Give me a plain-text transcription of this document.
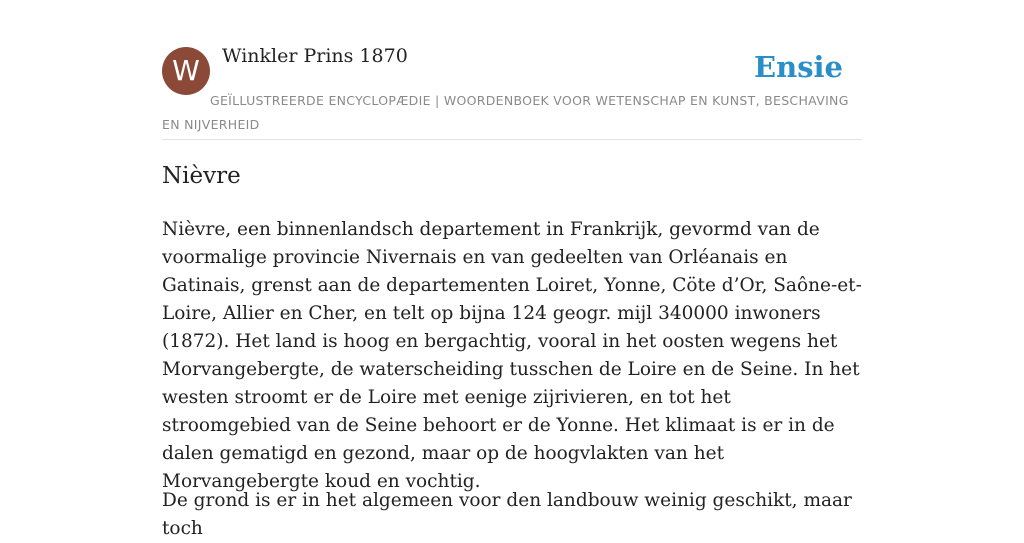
W	Winkler Prins 1870	Ensie
GEÏLLUSTREERDE ENCYCLOPÆDIE | WOORDENBOEK VOOR WETENSCHAP EN KUNST, BESCHAVING EN NIJVERHEID
Nièvre

Nièvre, een binnenlandsch departement in Frankrijk, gevormd van de voormalige provincie Nivernais en van gedeelten van Orléanais en Gatinais, grenst aan de departementen Loiret, Yonne, Cöte d’Or, Saône-et-Loire, Allier en Cher, en telt op bijna 124 geogr. mijl 340000 inwoners (1872). Het land is hoog en bergachtig, vooral in het oosten wegens het Morvangebergte, de waterscheiding tusschen de Loire en de Seine. In het westen stroomt er de Loire met eenige zijrivieren, en tot het stroomgebied van de Seine behoort er de Yonne. Het klimaat is er in de dalen gematigd en gezond, maar op de hoogvlakten van het Morvangebergte koud en vochtig.

De grond is er in het algemeen voor den landbouw weinig geschikt, maar toch
